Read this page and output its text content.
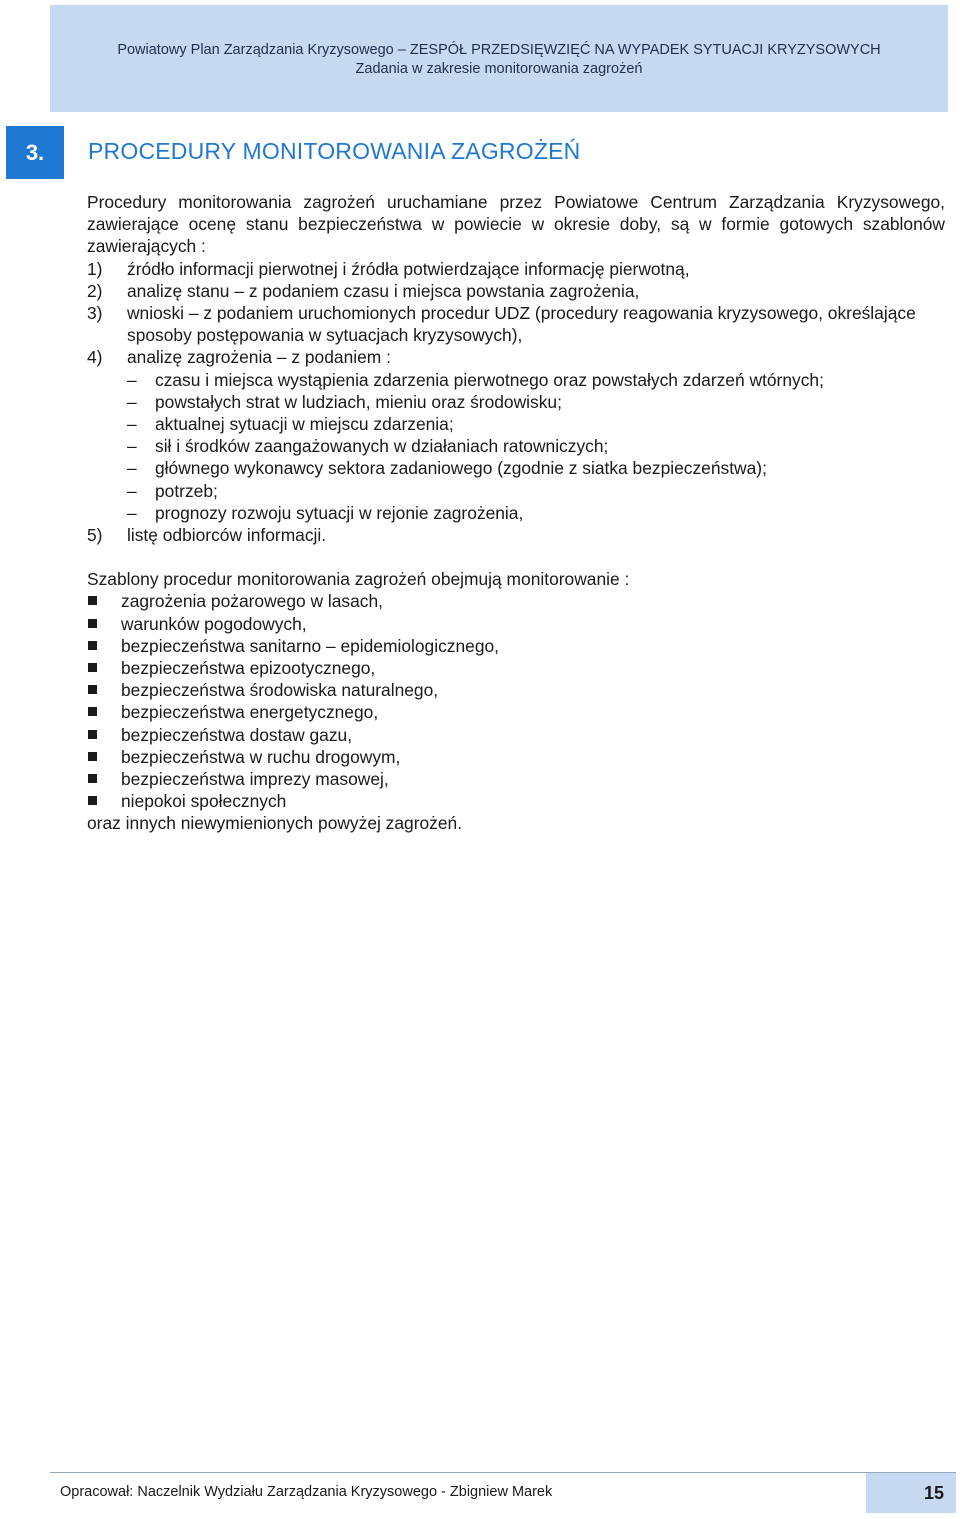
Powiatowy Plan Zarządzania Kryzysowego – ZESPÓŁ PRZEDSIĘWZIĘĆ NA WYPADEK SYTUACJI KRYZYSOWYCH
Zadania w zakresie monitorowania zagrożeń
3.	PROCEDURY MONITOROWANIA ZAGROŻEŃ

Procedury monitorowania zagrożeń uruchamiane przez Powiatowe Centrum Zarządzania Kryzysowego, zawierające ocenę stanu bezpieczeństwa w powiecie w okresie doby, są w formie gotowych szablonów zawierających :

1) źródło informacji pierwotnej i źródła potwierdzające informację pierwotną,
2) analizę stanu – z podaniem czasu i miejsca powstania zagrożenia,
3) wnioski – z podaniem uruchomionych procedur UDZ (procedury reagowania kryzysowego, określające sposoby postępowania w sytuacjach kryzysowych),
4) analizę zagrożenia – z podaniem :
– czasu i miejsca wystąpienia zdarzenia pierwotnego oraz powstałych zdarzeń wtórnych;
– powstałych strat w ludziach, mieniu oraz środowisku;
– aktualnej sytuacji w miejscu zdarzenia;
– sił i środków zaangażowanych w działaniach ratowniczych;
– głównego wykonawcy sektora zadaniowego (zgodnie z siatka bezpieczeństwa);
– potrzeb;
– prognozy rozwoju sytuacji w rejonie zagrożenia,
5) listę odbiorców informacji.

Szablony procedur monitorowania zagrożeń obejmują monitorowanie :

zagrożenia pożarowego w lasach,
warunków pogodowych,
bezpieczeństwa sanitarno – epidemiologicznego,
bezpieczeństwa epizootycznego,
bezpieczeństwa środowiska naturalnego,
bezpieczeństwa energetycznego,
bezpieczeństwa dostaw gazu,
bezpieczeństwa w ruchu drogowym,
bezpieczeństwa imprezy masowej,
niepokoi społecznych

oraz innych niewymienionych powyżej zagrożeń.

Opracował: Naczelnik Wydziału Zarządzania Kryzysowego - Zbigniew Marek	15
